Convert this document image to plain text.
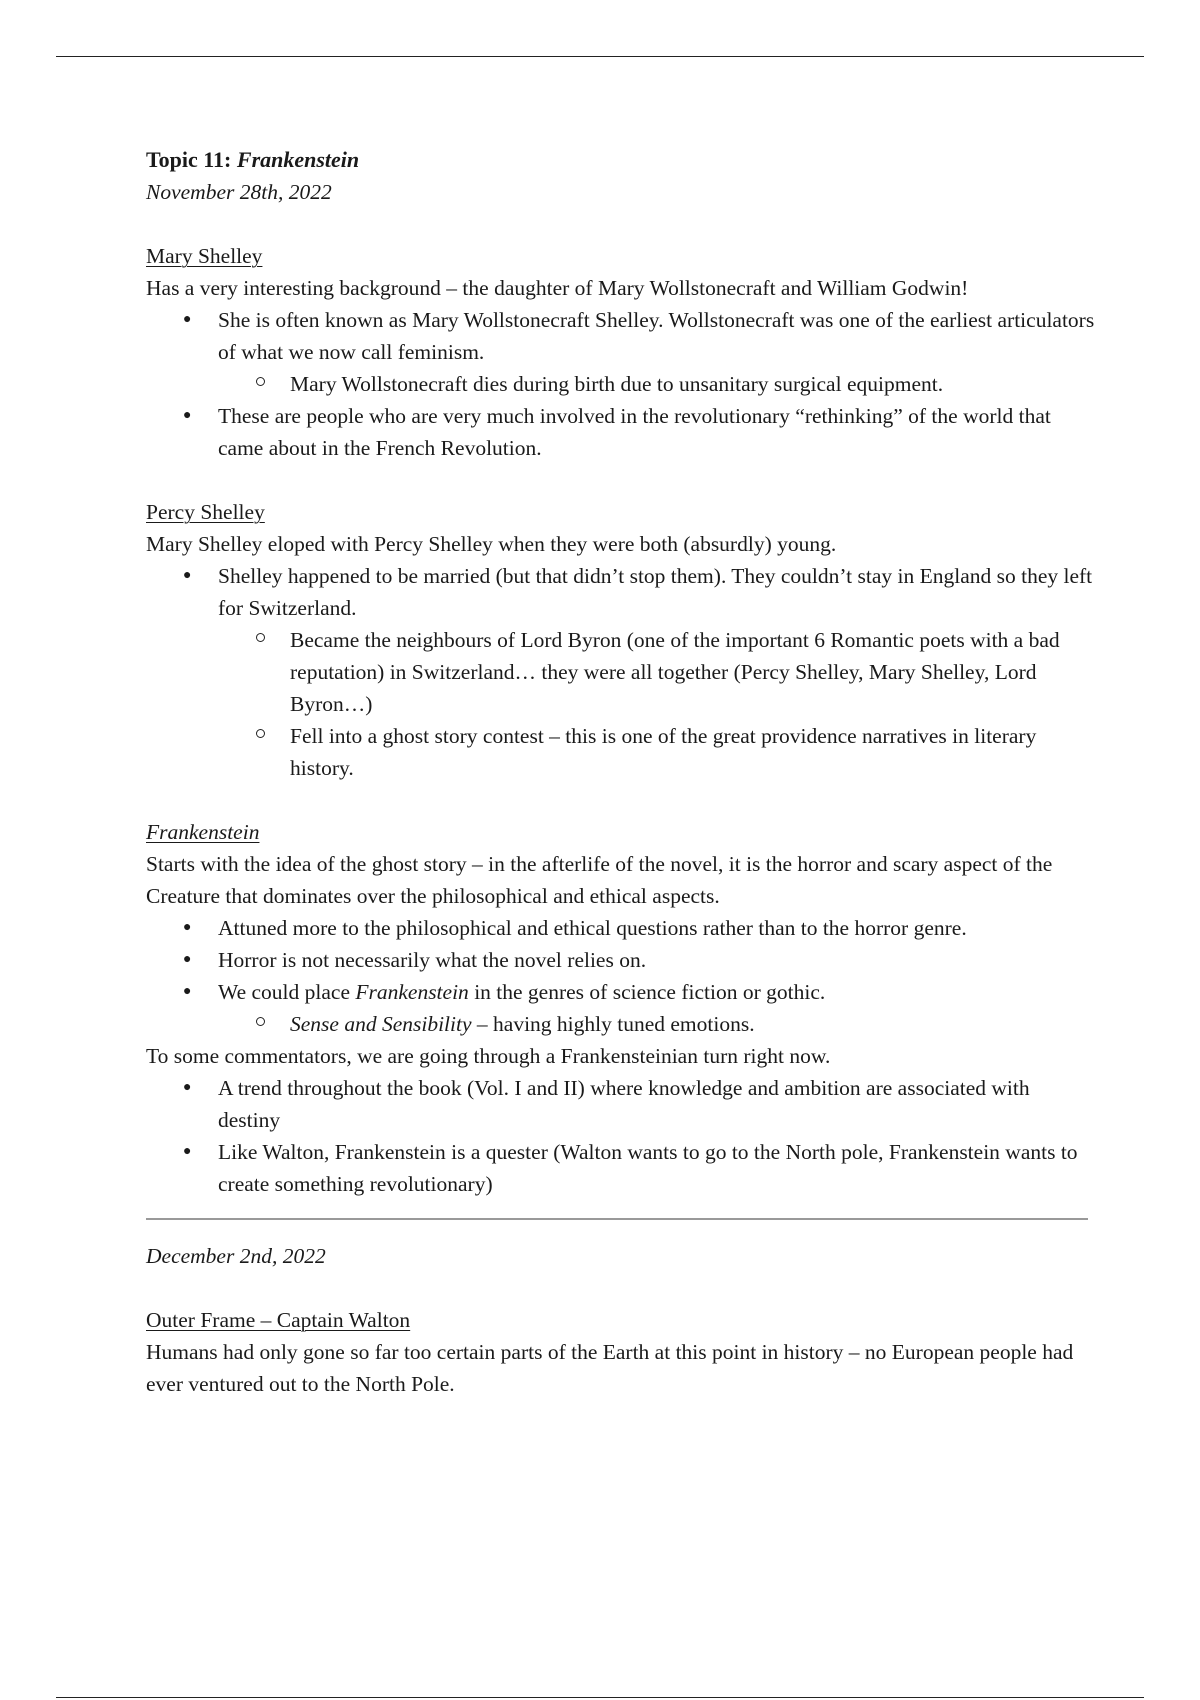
Topic 11: Frankenstein
November 28th, 2022
Mary Shelley

Has a very interesting background – the daughter of Mary Wollstonecraft and William Godwin!

● She is often known as Mary Wollstonecraft Shelley. Wollstonecraft was one of the earliest articulators of what we now call feminism.
Mary Wollstonecraft dies during birth due to unsanitary surgical equipment.
● These are people who are very much involved in the revolutionary “rethinking” of the world that came about in the French Revolution.
Percy Shelley

Mary Shelley eloped with Percy Shelley when they were both (absurdly) young.

● Shelley happened to be married (but that didn’t stop them). They couldn’t stay in England so they left for Switzerland.
Became the neighbours of Lord Byron (one of the important 6 Romantic poets with a bad reputation) in Switzerland… they were all together (Percy Shelley, Mary Shelley, Lord Byron…)
Fell into a ghost story contest – this is one of the great providence narratives in literary history.
Frankenstein

Starts with the idea of the ghost story – in the afterlife of the novel, it is the horror and scary aspect of the Creature that dominates over the philosophical and ethical aspects.

● Attuned more to the philosophical and ethical questions rather than to the horror genre.
● Horror is not necessarily what the novel relies on.
● We could place Frankenstein in the genres of science fiction or gothic.
Sense and Sensibility – having highly tuned emotions.

To some commentators, we are going through a Frankensteinian turn right now.

● A trend throughout the book (Vol. I and II) where knowledge and ambition are associated with destiny
● Like Walton, Frankenstein is a quester (Walton wants to go to the North pole, Frankenstein wants to create something revolutionary)
December 2nd, 2022
Outer Frame – Captain Walton

Humans had only gone so far too certain parts of the Earth at this point in history – no European people had ever ventured out to the North Pole.
